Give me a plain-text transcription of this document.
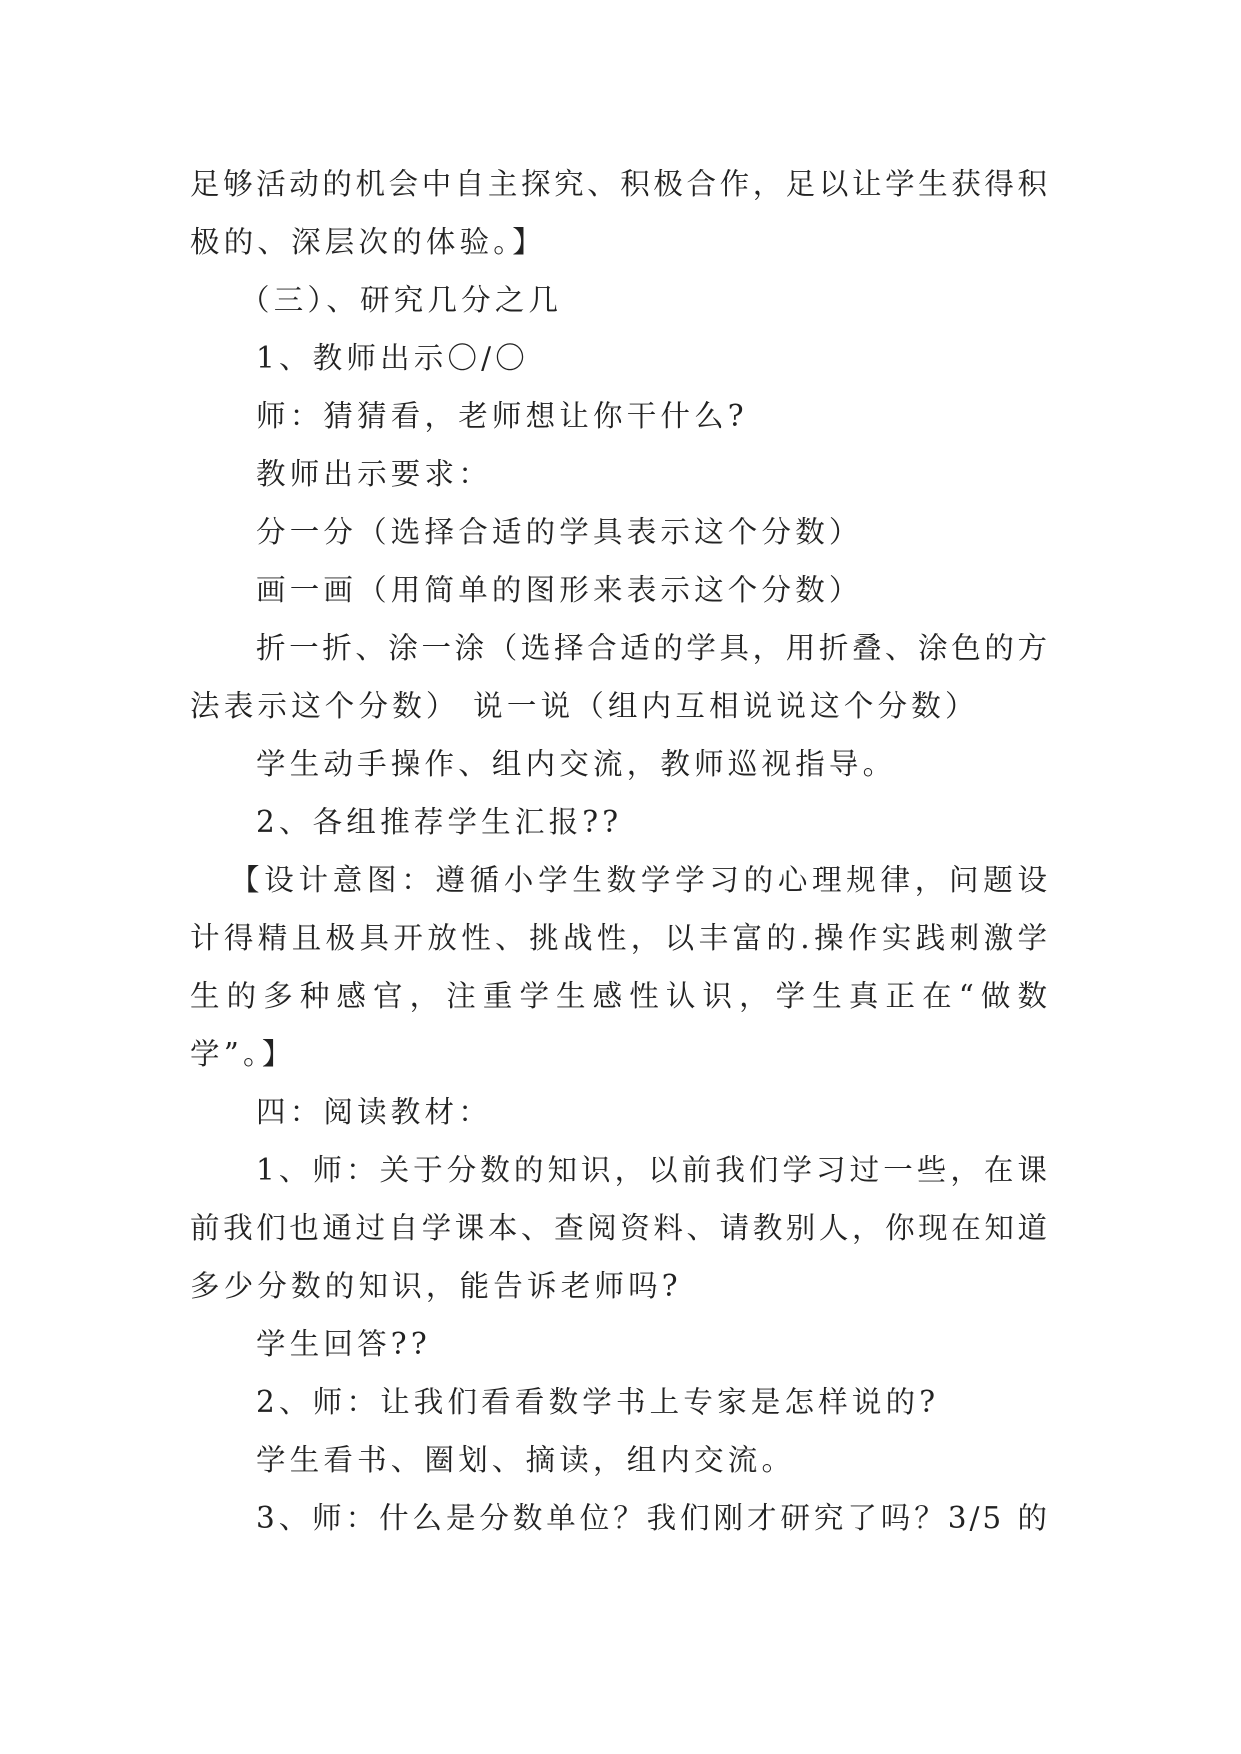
足够活动的机会中自主探究、积极合作，足以让学生获得积

极的、深层次的体验。】

（三）、研究几分之几

1、教师出示〇/〇

师：猜猜看，老师想让你干什么?

教师出示要求：

分一分（选择合适的学具表示这个分数）

画一画（用简单的图形来表示这个分数）

折一折、涂一涂（选择合适的学具，用折叠、涂色的方

法表示这个分数） 说一说（组内互相说说这个分数）

学生动手操作、组内交流，教师巡视指导。

2、各组推荐学生汇报??

【设计意图：遵循小学生数学学习的心理规律，问题设

计得精且极具开放性、挑战性，以丰富的.操作实践刺激学

生的多种感官，注重学生感性认识，学生真正在“做数

学”。】

四：阅读教材：

1、师：关于分数的知识，以前我们学习过一些，在课

前我们也通过自学课本、查阅资料、请教别人，你现在知道

多少分数的知识，能告诉老师吗?

学生回答??

2、师：让我们看看数学书上专家是怎样说的?

学生看书、圈划、摘读，组内交流。

3、师：什么是分数单位？我们刚才研究了吗？3/5 的
